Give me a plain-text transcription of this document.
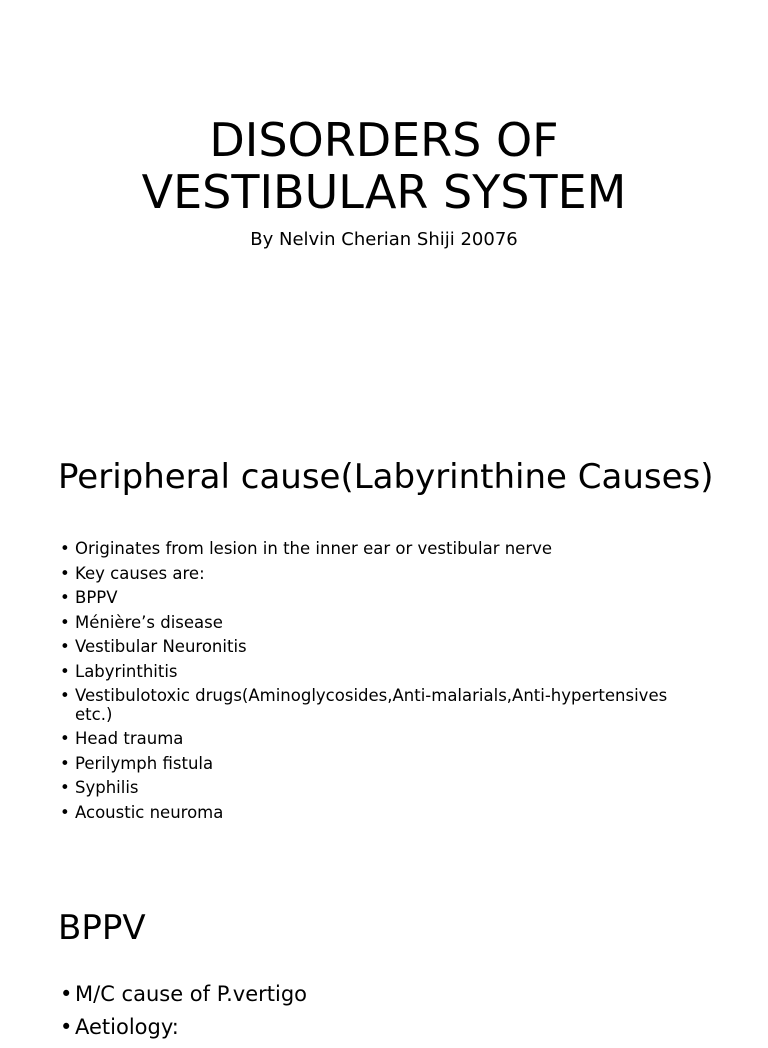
DISORDERS OF
VESTIBULAR SYSTEM

By Nelvin Cherian Shiji 20076

Peripheral cause(Labyrinthine Causes)
• Originates from lesion in the inner ear or vestibular nerve
• Key causes are:
• BPPV
• Ménière’s disease
• Vestibular Neuronitis
• Labyrinthitis
• Vestibulotoxic drugs(Aminoglycosides,Anti-malarials,Anti-hypertensives etc.)
• Head trauma
• Perilymph fistula
• Syphilis
• Acoustic neuroma
BPPV
• M/C cause of P.vertigo
• Aetiology:
